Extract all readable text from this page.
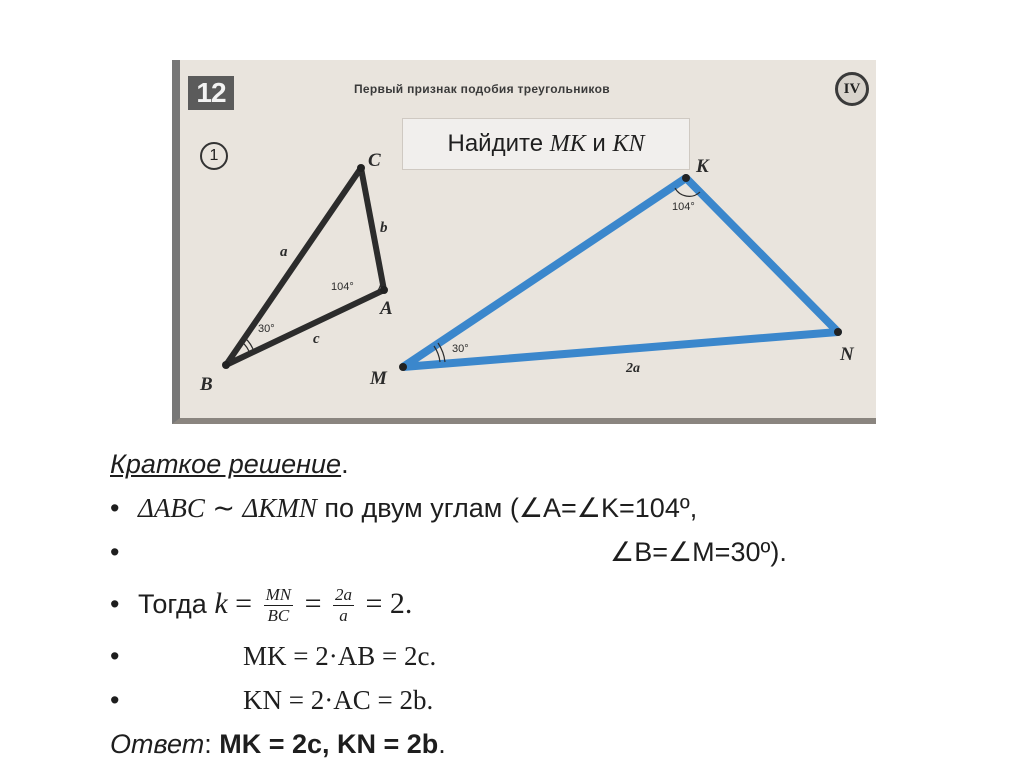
12	Первый признак подобия треугольников	IV
1
B
C
A
a
b
c
104°
30°
K
M
N
104°
30°
2a
Найдите MK и KN
Краткое решение.
• ΔABC ∼ ΔKMN по двум углам (∠A=∠K=104º,
•	∠B=∠M=30º).
• Тогда $k = \frac{MN}{BC} = \frac{2a}{a} = 2$.
•	MK = 2·AB = 2c.
•	KN = 2·AC = 2b.
Ответ: MK = 2c, KN = 2b.
